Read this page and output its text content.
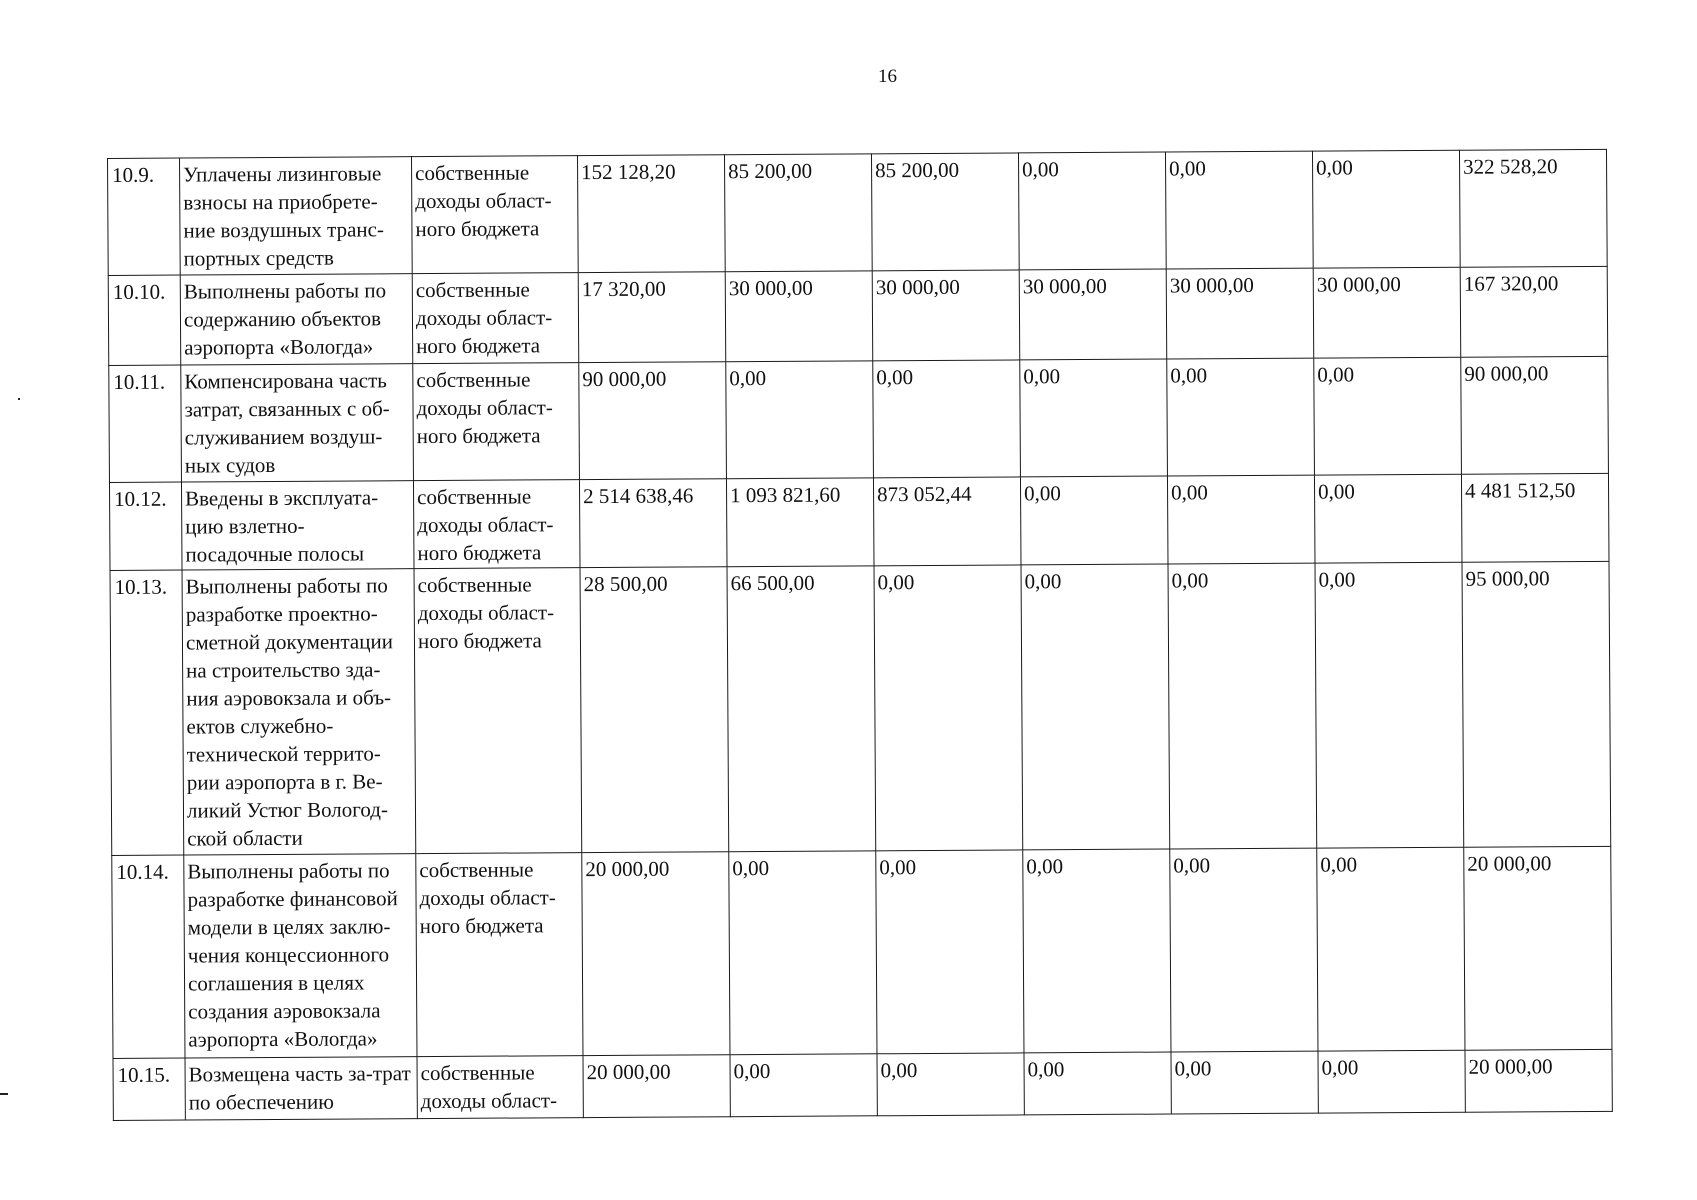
16
10.9.	Уплачены лизинговые взносы на приобрете-ние воздушных транс-портных средств	собственные доходы област-ного бюджета	152 128,20	85 200,00	85 200,00	0,00	0,00	0,00	322 528,20
10.10.	Выполнены работы по содержанию объектов аэропорта «Вологда»	собственные доходы област-ного бюджета	17 320,00	30 000,00	30 000,00	30 000,00	30 000,00	30 000,00	167 320,00
10.11.	Компенсирована часть затрат, связанных с об-служиванием воздуш-ных судов	собственные доходы област-ного бюджета	90 000,00	0,00	0,00	0,00	0,00	0,00	90 000,00
10.12.	Введены в эксплуата-цию взлетно-посадочные полосы	собственные доходы област-ного бюджета	2 514 638,46	1 093 821,60	873 052,44	0,00	0,00	0,00	4 481 512,50
10.13.	Выполнены работы по разработке проектно-сметной документации на строительство зда-ния аэровокзала и объ-ектов служебно-технической террито-рии аэропорта в г. Ве-ликий Устюг Вологод-ской области	собственные доходы област-ного бюджета	28 500,00	66 500,00	0,00	0,00	0,00	0,00	95 000,00
10.14.	Выполнены работы по разработке финансовой модели в целях заклю-чения концессионного соглашения в целях создания аэровокзала аэропорта «Вологда»	собственные доходы област-ного бюджета	20 000,00	0,00	0,00	0,00	0,00	0,00	20 000,00
10.15.	Возмещена часть за-трат по обеспечению	собственные доходы област-	20 000,00	0,00	0,00	0,00	0,00	0,00	20 000,00
